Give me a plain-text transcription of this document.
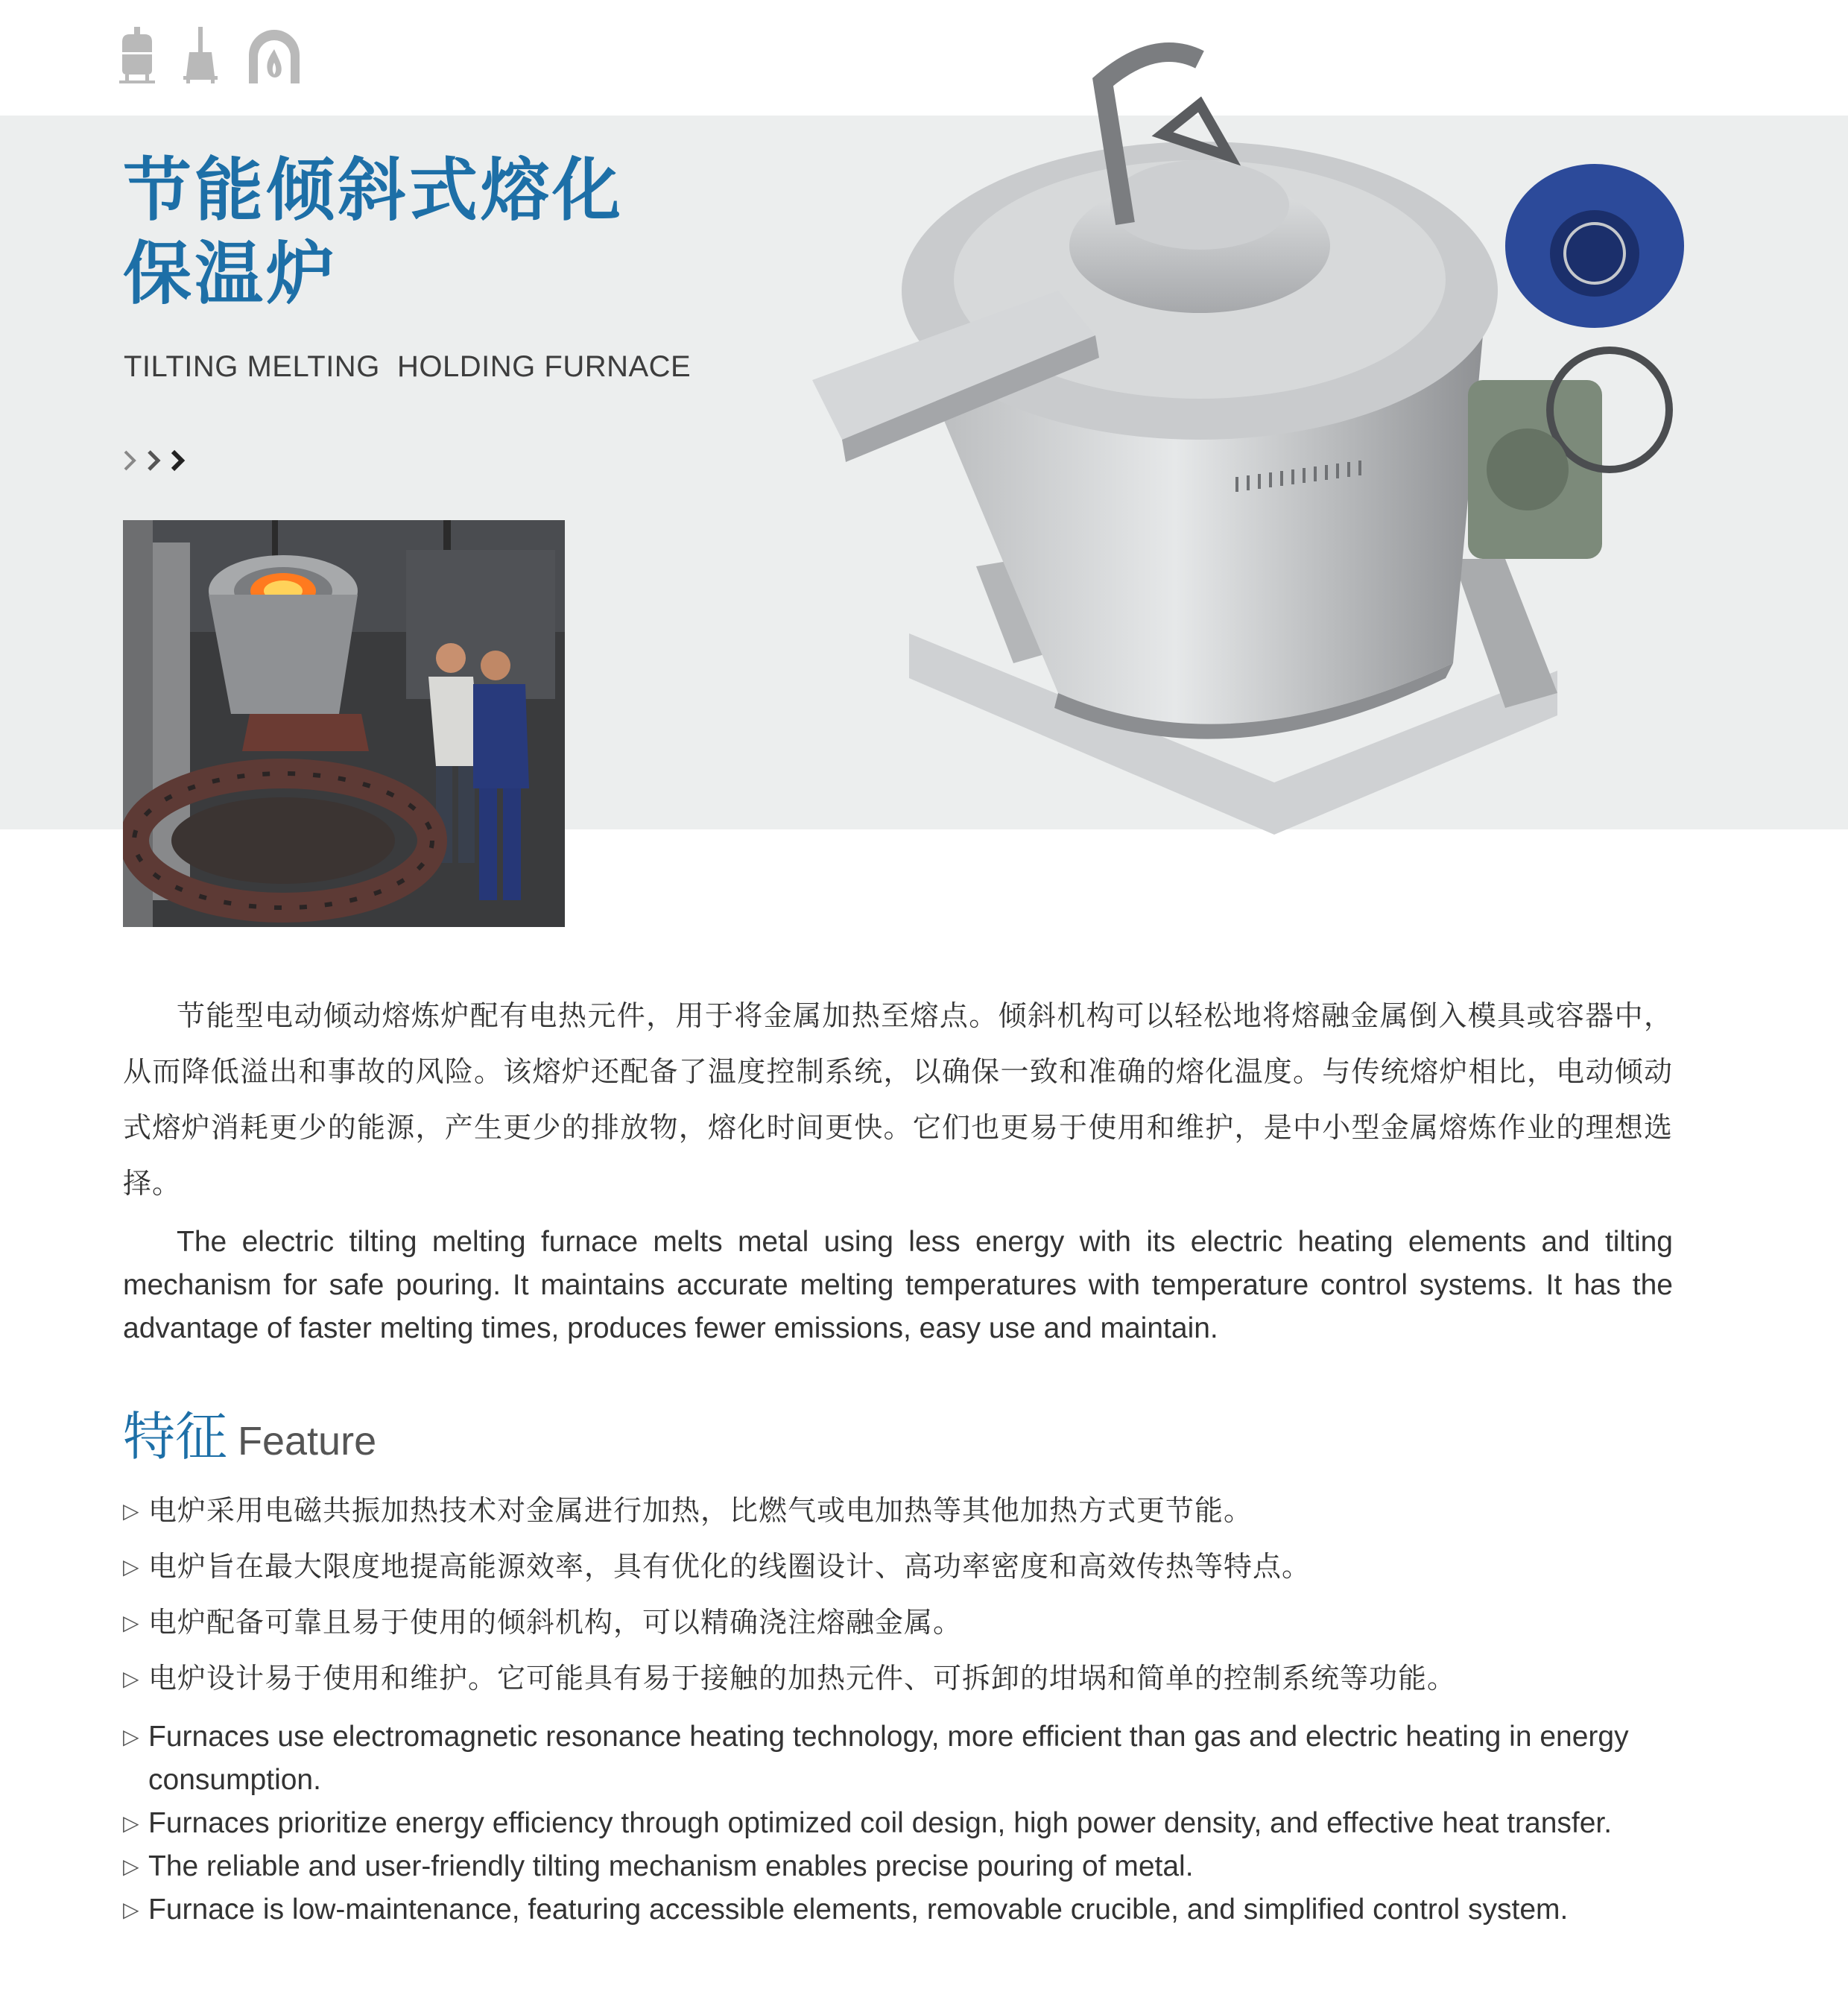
节能倾斜式熔化
保温炉
TILTING MELTING  HOLDING FURNACE

节能型电动倾动熔炼炉配有电热元件，用于将金属加热至熔点。倾斜机构可以轻松地将熔融金属倒入模具或容器中，从而降低溢出和事故的风险。该熔炉还配备了温度控制系统，以确保一致和准确的熔化温度。与传统熔炉相比，电动倾动式熔炉消耗更少的能源，产生更少的排放物，熔化时间更快。它们也更易于使用和维护，是中小型金属熔炼作业的理想选择。

The electric tilting melting furnace melts metal using less energy with its electric heating elements and tilting mechanism for safe pouring. It maintains accurate melting temperatures with temperature control systems. It has the advantage of faster melting times, produces fewer emissions, easy use and maintain.

特征 Feature
▷ 电炉采用电磁共振加热技术对金属进行加热，比燃气或电加热等其他加热方式更节能。
▷ 电炉旨在最大限度地提高能源效率，具有优化的线圈设计、高功率密度和高效传热等特点。
▷ 电炉配备可靠且易于使用的倾斜机构，可以精确浇注熔融金属。
▷ 电炉设计易于使用和维护。它可能具有易于接触的加热元件、可拆卸的坩埚和简单的控制系统等功能。
▷ Furnaces use electromagnetic resonance heating technology, more efficient than gas and electric heating in energy consumption.
▷ Furnaces prioritize energy efficiency through optimized coil design, high power density, and effective heat transfer.
▷ The reliable and user-friendly tilting mechanism enables precise pouring of metal.
▷ Furnace is low-maintenance, featuring accessible elements, removable crucible, and simplified control system.
